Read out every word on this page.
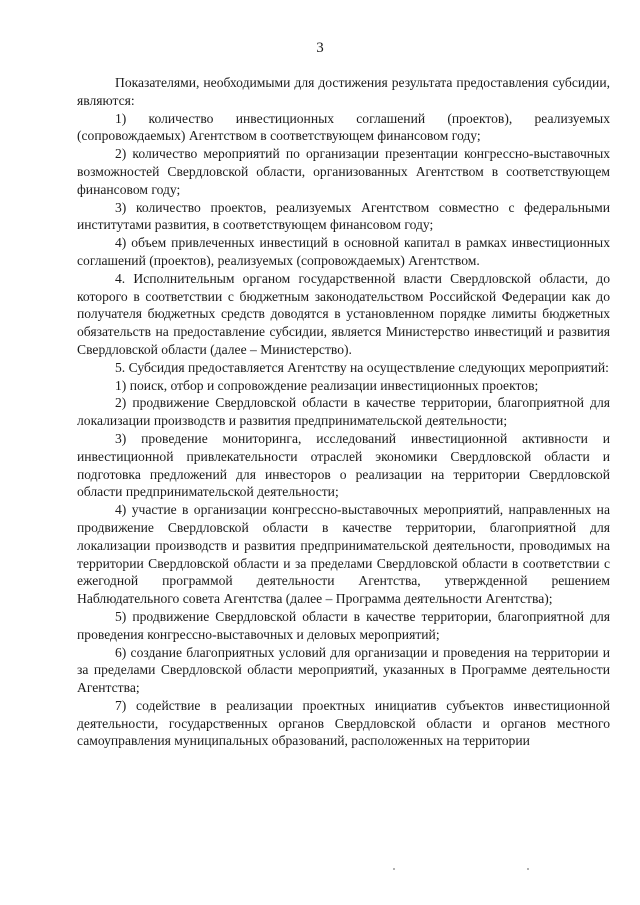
3

Показателями, необходимыми для достижения результата предоставления субсидии, являются:

1) количество инвестиционных соглашений (проектов), реализуемых (сопровождаемых) Агентством в соответствующем финансовом году;

2) количество мероприятий по организации презентации конгрессно-выставочных возможностей Свердловской области, организованных Агентством в соответствующем финансовом году;

3) количество проектов, реализуемых Агентством совместно с федеральными институтами развития, в соответствующем финансовом году;

4) объем привлеченных инвестиций в основной капитал в рамках инвестиционных соглашений (проектов), реализуемых (сопровождаемых) Агентством.

4. Исполнительным органом государственной власти Свердловской области, до которого в соответствии с бюджетным законодательством Российской Федерации как до получателя бюджетных средств доводятся в установленном порядке лимиты бюджетных обязательств на предоставление субсидии, является Министерство инвестиций и развития Свердловской области (далее – Министерство).

5. Субсидия предоставляется Агентству на осуществление следующих мероприятий:

1) поиск, отбор и сопровождение реализации инвестиционных проектов;

2) продвижение Свердловской области в качестве территории, благоприятной для локализации производств и развития предпринимательской деятельности;

3) проведение мониторинга, исследований инвестиционной активности и инвестиционной привлекательности отраслей экономики Свердловской области и подготовка предложений для инвесторов о реализации на территории Свердловской области предпринимательской деятельности;

4) участие в организации конгрессно-выставочных мероприятий, направленных на продвижение Свердловской области в качестве территории, благоприятной для локализации производств и развития предпринимательской деятельности, проводимых на территории Свердловской области и за пределами Свердловской области в соответствии с ежегодной программой деятельности Агентства, утвержденной решением Наблюдательного совета Агентства (далее – Программа деятельности Агентства);

5) продвижение Свердловской области в качестве территории, благоприятной для проведения конгрессно-выставочных и деловых мероприятий;

6) создание благоприятных условий для организации и проведения на территории и за пределами Свердловской области мероприятий, указанных в Программе деятельности Агентства;

7) содействие в реализации проектных инициатив субъектов инвестиционной деятельности, государственных органов Свердловской области и органов местного самоуправления муниципальных образований, расположенных на территории
